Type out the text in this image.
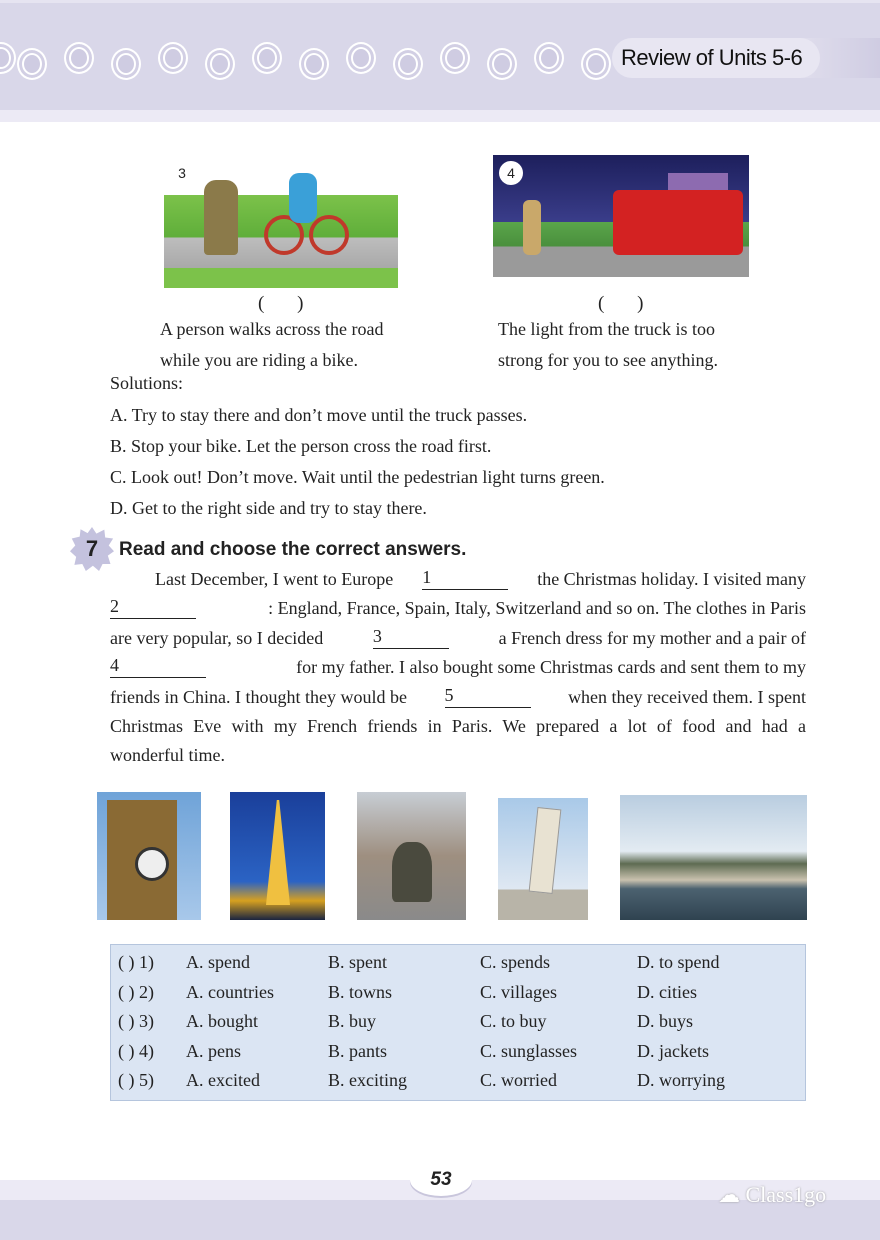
Review of Units 5-6
3
( )
A person walks across the road
while you are riding a bike.
4
( )
The light from the truck is too
strong for you to see anything.
Solutions:
A. Try to stay there and don’t move until the truck passes.
B. Stop your bike. Let the person cross the road first.
C. Look out! Don’t move. Wait until the pedestrian light turns green.
D. Get to the right side and try to stay there.
7	Read and choose the correct answers.
Last December, I went to Europe 1	the Christmas holiday. I visited many
2	: England, France, Spain, Italy, Switzerland and so on. The clothes in Paris
are very popular, so I decided	3	a French dress for my mother and a pair of
4	for my father. I also bought some Christmas cards and sent them to my
friends in China. I thought they would be 5	when they received them. I spent
Christmas Eve with my French friends in Paris. We prepared a lot of food and had a
wonderful time.
( ) 1) A. spend	B. spent	C. spends	D. to spend
( ) 2) A. countries	B. towns	C. villages	D. cities
( ) 3) A. bought	B. buy	C. to buy	D. buys
( ) 4) A. pens	B. pants	C. sunglasses	D. jackets
( ) 5) A. excited	B. exciting	C. worried	D. worrying
53
☁ Class1go
